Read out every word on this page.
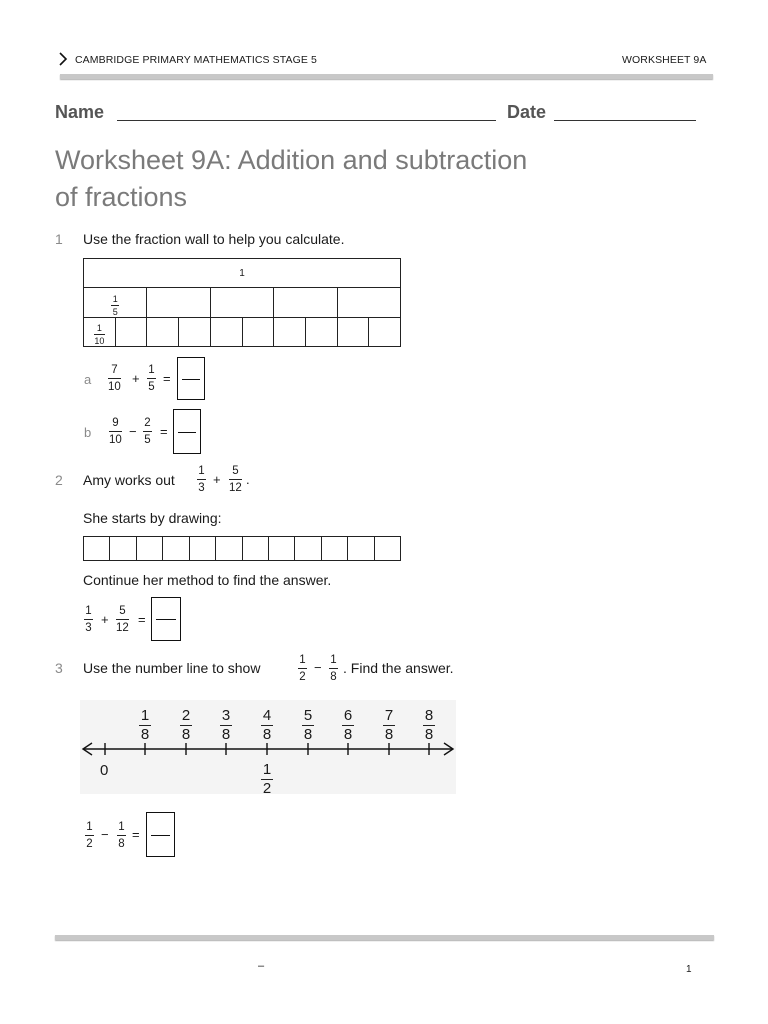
CAMBRIDGE PRIMARY MATHEMATICS STAGE 5	WORKSHEET 9A
Name	Date
Worksheet 9A: Addition and subtraction
of fractions
1 Use the fraction wall to help you calculate.
1									

$\frac{1}{5}$

$\frac{1}{10}$

a
7
10
+
1
5
=
b
9
10
−
2
5
=
2 Amy works out
1
3
+
5
12
.
She starts by drawing:
Continue her method to find the answer.
1
3
+
5
12
=
3 Use the number line to show	1
2
− 1
8
. Find the answer.
1
8
2
8
3
8
4
8
5
8
6
8
7
8
8
8
0	1
2
1
2
− 1
8
=
–	1
